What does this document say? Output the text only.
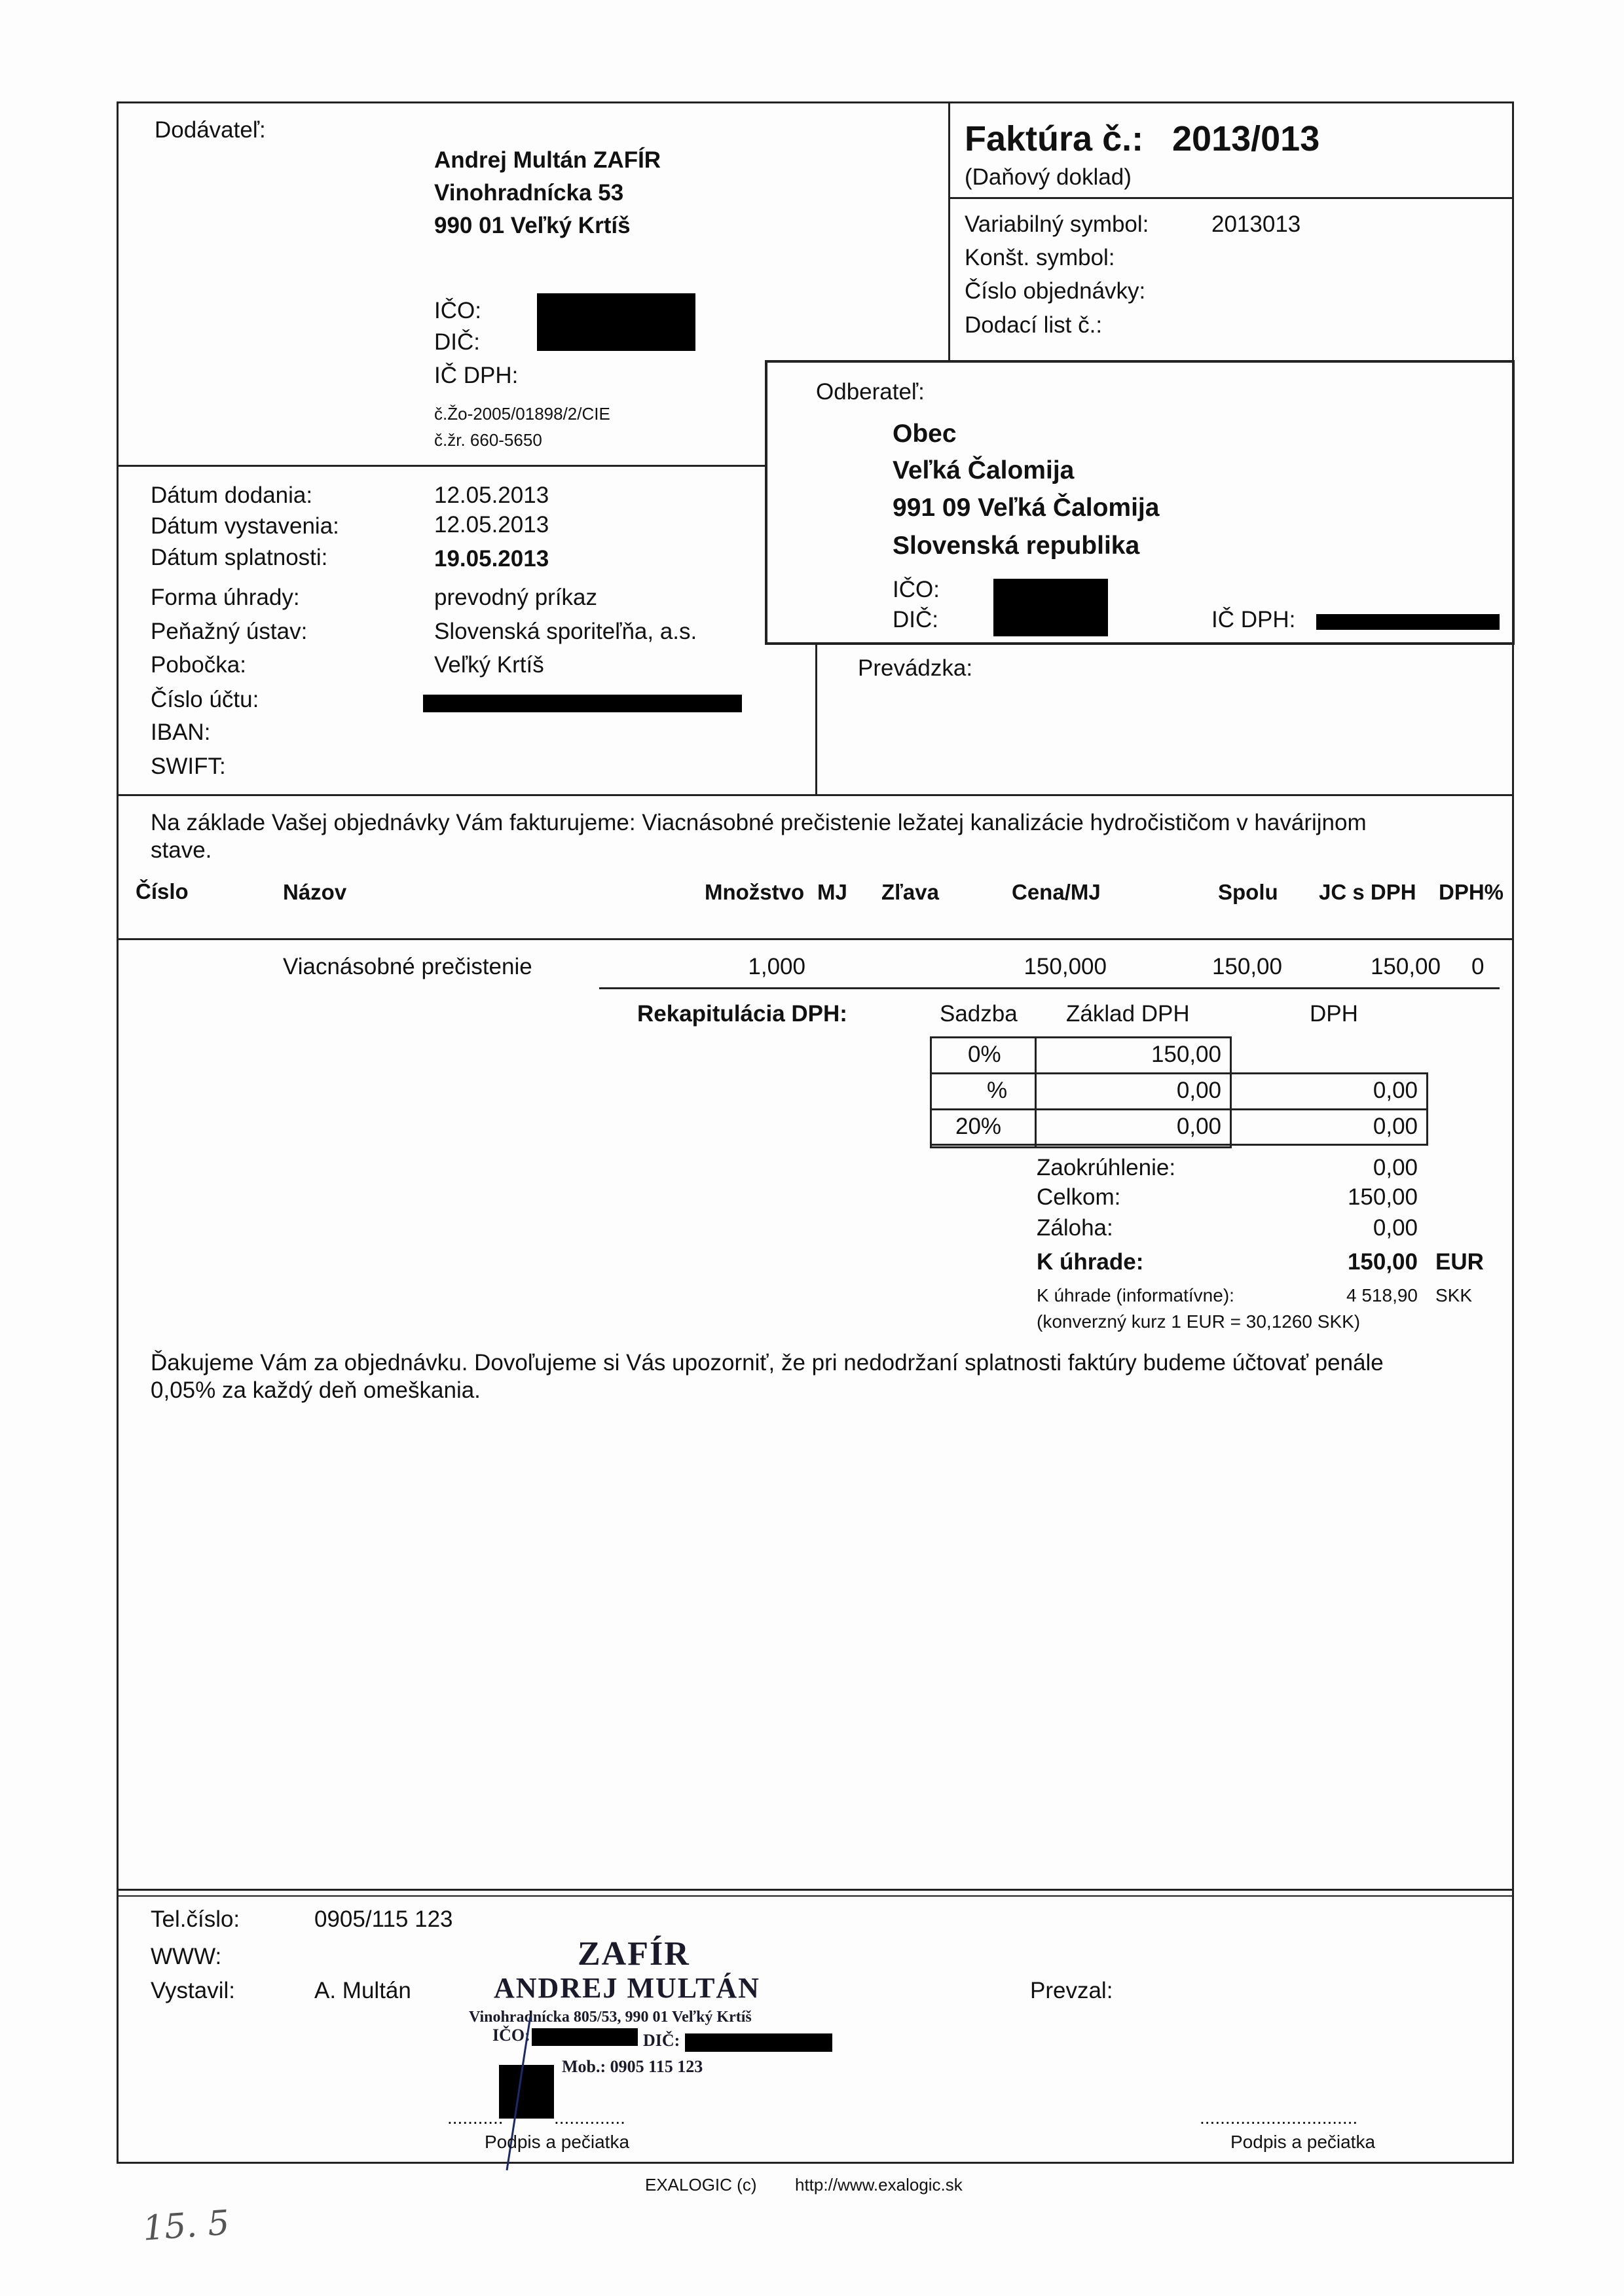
Dodávateľ:
Andrej Multán ZAFÍR
Vinohradnícka 53
990 01 Veľký Krtíš
IČO:
DIČ:
IČ DPH:
č.Žo-2005/01898/2/CIE
č.žr. 660-5650
Faktúra č.: 2013/013
(Daňový doklad)
Variabilný symbol:	2013013
Konšt. symbol:
Číslo objednávky:
Dodací list č.:
Odberateľ:
Obec
Veľká Čalomija
991 09 Veľká Čalomija
Slovenská republika
IČO:
DIČ:	IČ DPH:
Prevádzka:
Dátum dodania:	12.05.2013
Dátum vystavenia:	12.05.2013
Dátum splatnosti:	19.05.2013
Forma úhrady:	prevodný príkaz
Peňažný ústav:	Slovenská sporiteľňa, a.s.
Pobočka:	Veľký Krtíš
Číslo účtu:
IBAN:
SWIFT:
Na základe Vašej objednávky Vám fakturujeme: Viacnásobné prečistenie ležatej kanalizácie hydročističom v havárijnom
stave.
Číslo	Názov	Množstvo MJ Zľava	Cena/MJ	Spolu JC s DPH DPH%
Viacnásobné prečistenie	1,000	150,000	150,00	150,00 0
Rekapitulácia DPH:	Sadzba Základ DPH	DPH
0%	150,00
%	0,00	0,00
20%	0,00	0,00
Zaokrúhlenie:	0,00
Celkom:	150,00
Záloha:	0,00
K úhrade:	150,00 EUR
K úhrade (informatívne):	4 518,90 SKK
(konverzný kurz 1 EUR = 30,1260 SKK)
Ďakujeme Vám za objednávku. Dovoľujeme si Vás upozorniť, že pri nedodržaní splatnosti faktúry budeme účtovať penále
0,05% za každý deň omeškania.
Tel.číslo:	0905/115 123
WWW:
Vystavil:	A. Multán	Prevzal:
ZAFÍR
ANDREJ MULTÁN
Vinohradnícka 805/53, 990 01 Veľký Krtíš
IČO:	DIČ:
Mob.: 0905 115 123
...........	..............	...............................
Podpis a pečiatka	Podpis a pečiatka
EXALOGIC (c) http://www.exalogic.sk
15. 5
